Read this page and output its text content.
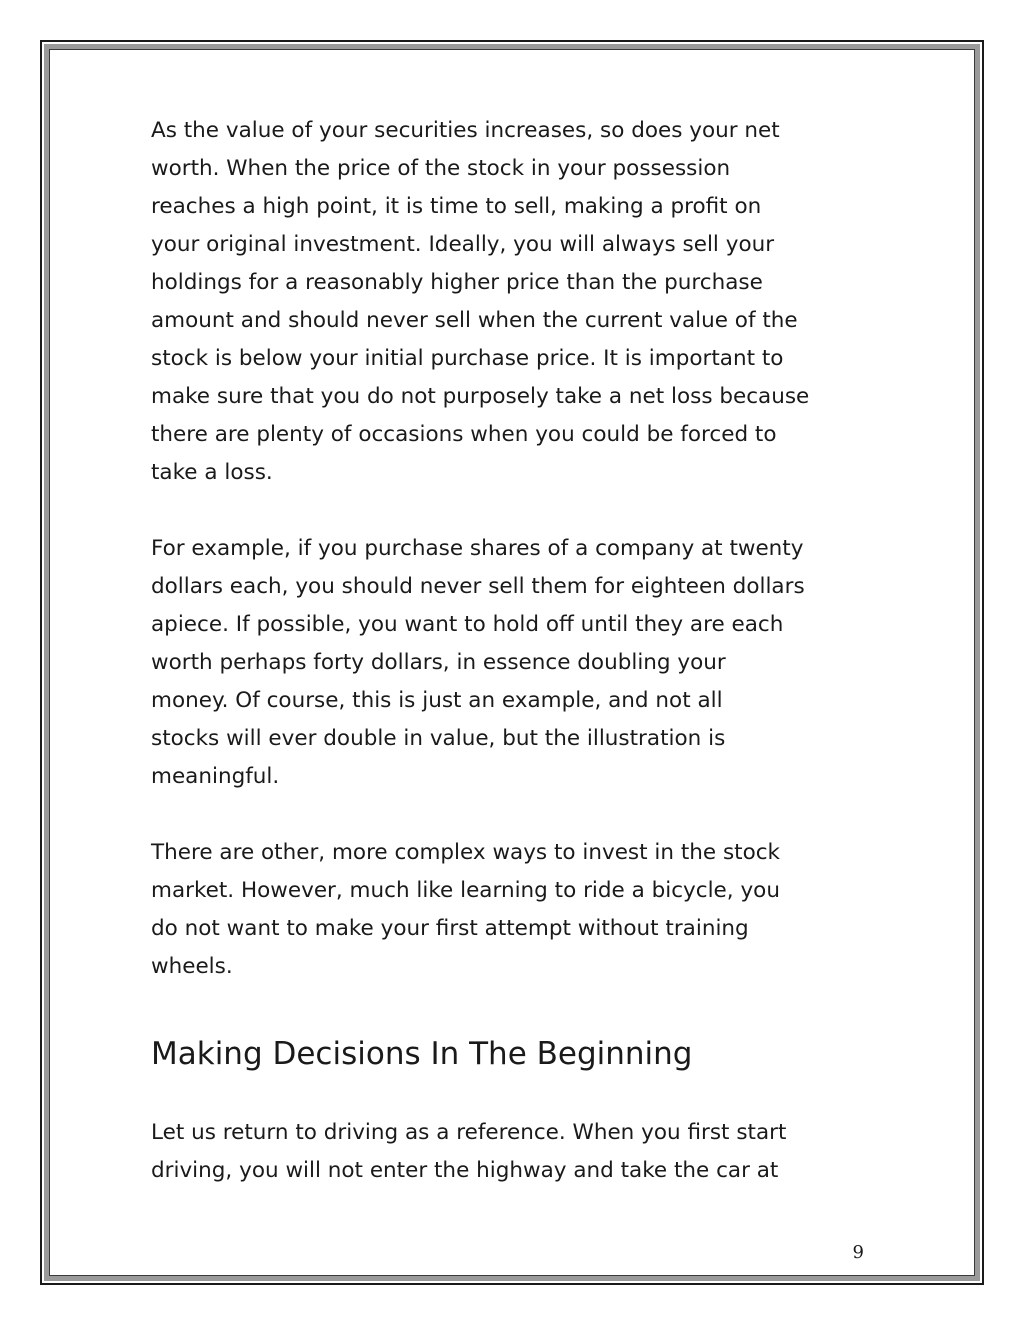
As the value of your securities increases, so does your net
worth. When the price of the stock in your possession
reaches a high point, it is time to sell, making a profit on
your original investment. Ideally, you will always sell your
holdings for a reasonably higher price than the purchase
amount and should never sell when the current value of the
stock is below your initial purchase price. It is important to
make sure that you do not purposely take a net loss because
there are plenty of occasions when you could be forced to
take a loss.

For example, if you purchase shares of a company at twenty
dollars each, you should never sell them for eighteen dollars
apiece. If possible, you want to hold off until they are each
worth perhaps forty dollars, in essence doubling your
money. Of course, this is just an example, and not all
stocks will ever double in value, but the illustration is
meaningful.

There are other, more complex ways to invest in the stock
market. However, much like learning to ride a bicycle, you
do not want to make your first attempt without training
wheels.

Making Decisions In The Beginning

Let us return to driving as a reference. When you first start
driving, you will not enter the highway and take the car at

9
